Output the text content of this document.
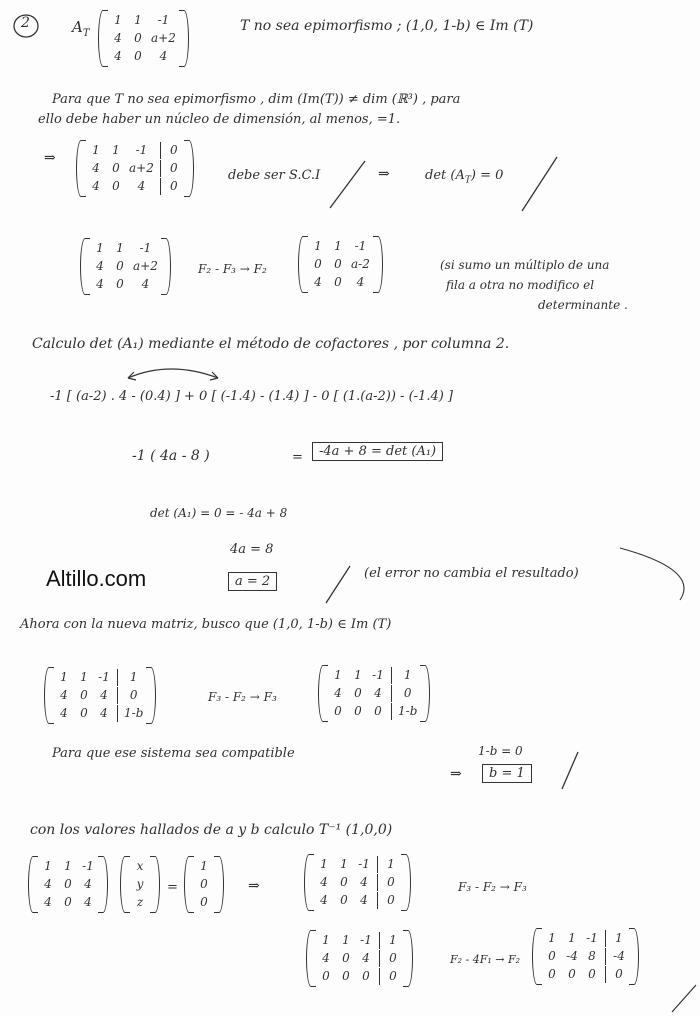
2	$A_T$
1 1	-1
4 0 a+2
4 0	4
T no sea epimorfismo ; (1,0, 1-b) ∈ Im (T)
Para que T no sea epimorfismo , dim (Im(T)) ≠ dim (ℝ³) , para
ello debe haber un núcleo de dimensión, al menos, =1.
⇒	1 1	-1	0
4 0 a+2 0
4 0	4	0
debe ser S.C.I	⇒	$\det (A_T) = 0$
1 1	-1
4 0 a+2
4 0	4
F₂ - F₃ → F₂
1 1 -1
0 0 a-2
4 0	4
(si sumo un múltiplo de una
fila a otra no modifico el
determinante .
Calculo det (A₁) mediante el método de cofactores , por columna 2.
-1 [ (a-2) . 4 - (0.4) ] + 0 [ (-1.4) - (1.4) ] - 0 [ (1.(a-2)) - (-1.4) ]
-1 ( 4a - 8 )	=	-4a + 8 = det (A₁)
det (A₁) = 0 = - 4a + 8
4a = 8
a = 2
(el error no cambia el resultado)
Altillo.com
Ahora con la nueva matriz, busco que (1,0, 1-b) ∈ Im (T)
1 1 -1	1
4 0 4	0
4 0 4 1-b
F₃ - F₂ → F₃
1 1 -1	1
4 0 4	0
0 0 0 1-b
Para que ese sistema sea compatible	1-b = 0
⇒	b = 1
con los valores hallados de a y b calculo T⁻¹ (1,0,0)
1 1 -1
4 0 4
4 0 4
x
y
z
=
1
0
0
⇒
1 1 -1 1
4 0 4 0
4 0 4 0
F₃ - F₂ → F₃
1 1 -1 1
4 0 4 0
0 0 0 0
F₂ - 4F₁ → F₂
1 1 -1 1
0 -4 8 -4
0 0 0 0
